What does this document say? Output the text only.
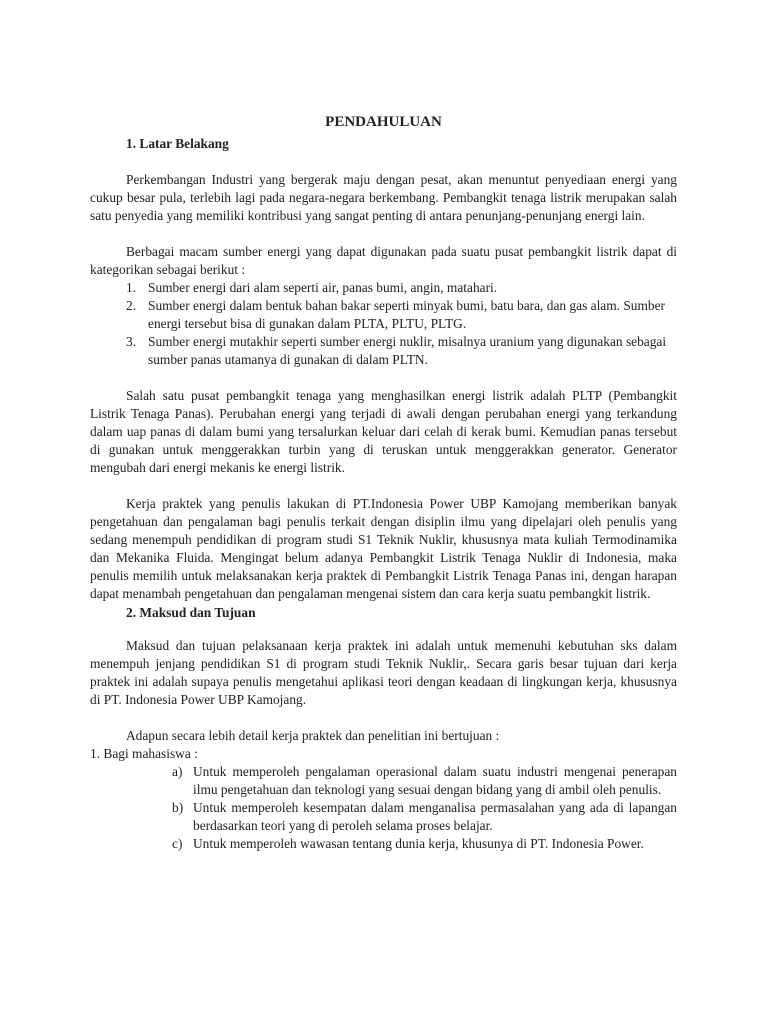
PENDAHULUAN

1. Latar Belakang

Perkembangan Industri yang bergerak maju dengan pesat, akan menuntut penyediaan energi yang cukup besar pula, terlebih lagi pada negara-negara berkembang. Pembangkit tenaga listrik merupakan salah satu penyedia yang memiliki kontribusi yang sangat penting di antara penunjang-penunjang energi lain.

Berbagai macam sumber energi yang dapat digunakan pada suatu pusat pembangkit listrik dapat di kategorikan sebagai berikut :

1. Sumber energi dari alam seperti air, panas bumi, angin, matahari.
2. Sumber energi dalam bentuk bahan bakar seperti minyak bumi, batu bara, dan gas alam. Sumber energi tersebut bisa di gunakan dalam PLTA, PLTU, PLTG.
3. Sumber energi mutakhir seperti sumber energi nuklir, misalnya uranium yang digunakan sebagai sumber panas utamanya di gunakan di dalam PLTN.

Salah satu pusat pembangkit tenaga yang menghasilkan energi listrik adalah PLTP (Pembangkit Listrik Tenaga Panas). Perubahan energi yang terjadi di awali dengan perubahan energi yang terkandung dalam uap panas di dalam bumi yang tersalurkan keluar dari celah di kerak bumi. Kemudian panas tersebut di gunakan untuk menggerakkan turbin yang di teruskan untuk menggerakkan generator. Generator mengubah dari energi mekanis ke energi listrik.

Kerja praktek yang penulis lakukan di PT.Indonesia Power UBP Kamojang memberikan banyak pengetahuan dan pengalaman bagi penulis terkait dengan disiplin ilmu yang dipelajari oleh penulis yang sedang menempuh pendidikan di program studi S1 Teknik Nuklir, khususnya mata kuliah Termodinamika dan Mekanika Fluida. Mengingat belum adanya Pembangkit Listrik Tenaga Nuklir di Indonesia, maka penulis memilih untuk melaksanakan kerja praktek di Pembangkit Listrik Tenaga Panas ini, dengan harapan dapat menambah pengetahuan dan pengalaman mengenai sistem dan cara kerja suatu pembangkit listrik.

2. Maksud dan Tujuan

Maksud dan tujuan pelaksanaan kerja praktek ini adalah untuk memenuhi kebutuhan sks dalam menempuh jenjang pendidikan S1 di program studi Teknik Nuklir,. Secara garis besar tujuan dari kerja praktek ini adalah supaya penulis mengetahui aplikasi teori dengan keadaan di lingkungan kerja, khususnya di PT. Indonesia Power UBP Kamojang.

Adapun secara lebih detail kerja praktek dan penelitian ini bertujuan :

1. Bagi mahasiswa :

a) Untuk memperoleh pengalaman operasional dalam suatu industri mengenai penerapan ilmu pengetahuan dan teknologi yang sesuai dengan bidang yang di ambil oleh penulis.
b) Untuk memperoleh kesempatan dalam menganalisa permasalahan yang ada di lapangan berdasarkan teori yang di peroleh selama proses belajar.
c) Untuk memperoleh wawasan tentang dunia kerja, khusunya di PT. Indonesia Power.
